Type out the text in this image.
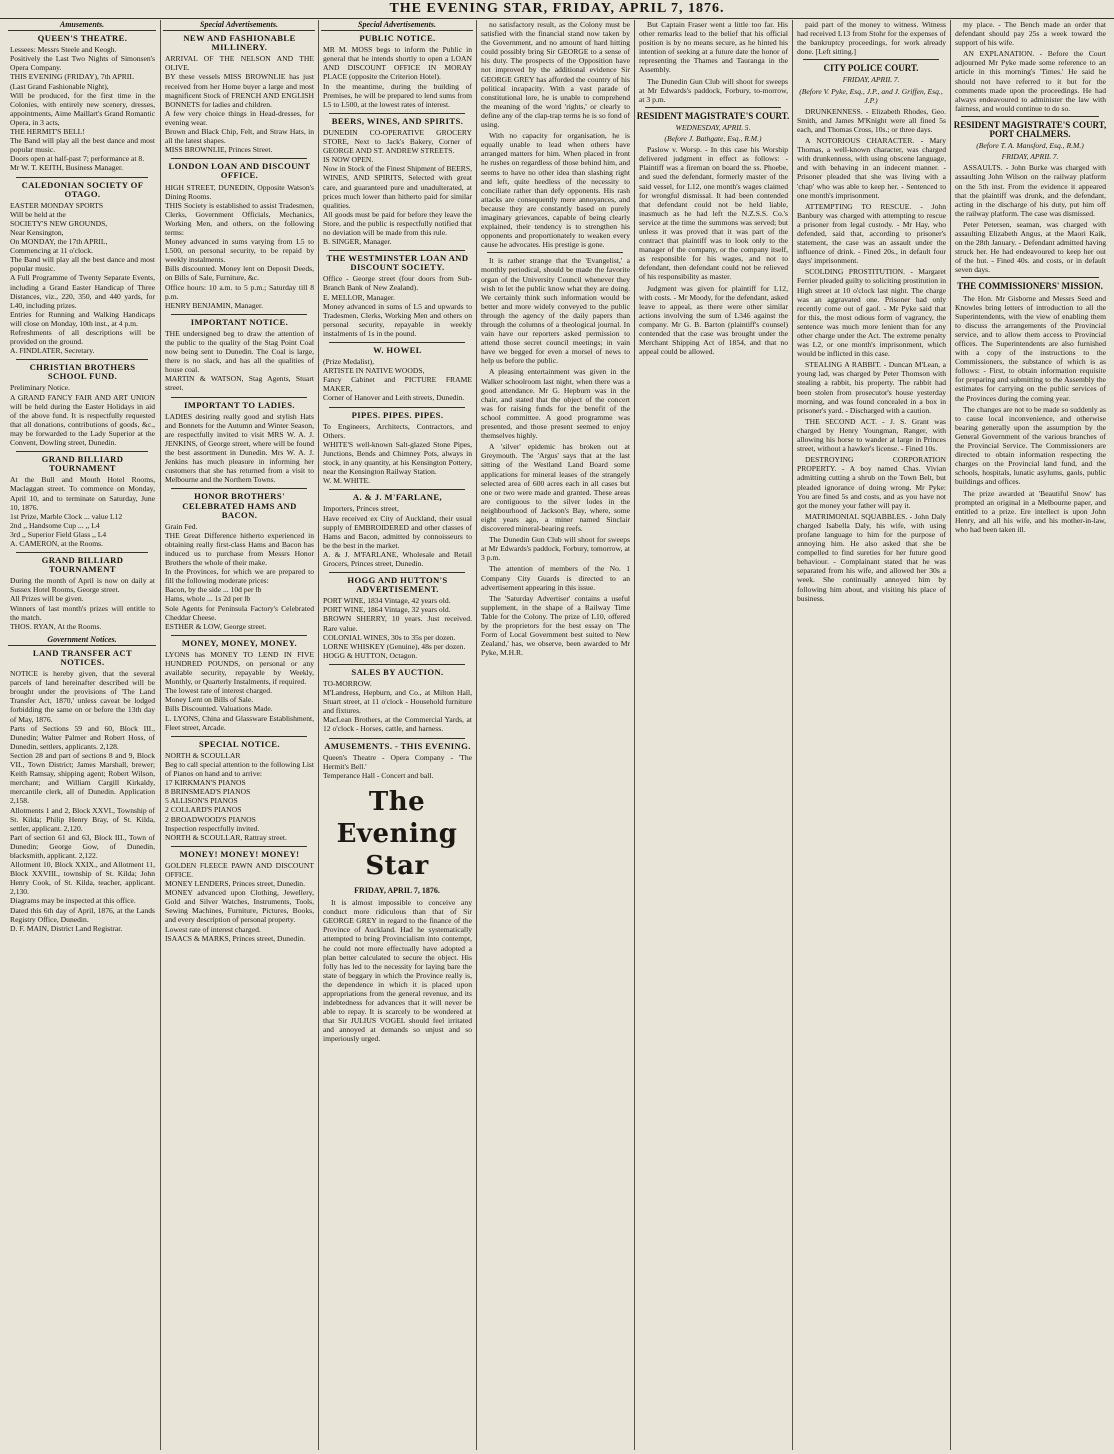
THE EVENING STAR, FRIDAY, APRIL 7, 1876.
Amusements.
QUEEN'S THEATRE.
Lessees: Messrs Steele and Keogh.
Positively the Last Two Nights of Simonsen's Opera Company.
THIS EVENING (FRIDAY), 7th APRIL
(Last Grand Fashionable Night),
Will be produced, for the first time in the Colonies, with entirely new scenery, dresses, appointments, Aime Maillart's Grand Romantic Opera, in 3 acts,
THE HERMIT'S BELL!
The Band will play all the best dance and most popular music.
Doors open at half-past 7; performance at 8.
Mr W. T. KEITH, Business Manager.
CALEDONIAN SOCIETY OF OTAGO.
EASTER MONDAY SPORTS
Will be held at the
SOCIETY'S NEW GROUNDS,
Near Kensington,
On MONDAY, the 17th APRIL,
Commencing at 11 o'clock.
The Band will play all the best dance and most popular music.
A Full Programme of Twenty Separate Events, including a Grand Easter Handicap of Three Distances, viz., 220, 350, and 440 yards, for L40, including prizes.
Entries for Running and Walking Handicaps will close on Monday, 10th inst., at 4 p.m.
Refreshments of all descriptions will be provided on the ground.
A. FINDLATER, Secretary.
CHRISTIAN BROTHERS SCHOOL FUND.
Preliminary Notice.
A GRAND FANCY FAIR AND ART UNION will be held during the Easter Holidays in aid of the above fund. It is respectfully requested that all donations, contributions of goods, &c., may be forwarded to the Lady Superior at the Convent, Dowling street, Dunedin.
GRAND BILLIARD TOURNAMENT
At the Bull and Mouth Hotel Rooms, Maclaggan street. To commence on Monday, April 10, and to terminate on Saturday, June 10, 1876.
1st Prize, Marble Clock ... value L12
2nd ,, Handsome Cup ... ,, L4
3rd ,, Superior Field Glass ,, L4
A. CAMERON, at the Rooms.
GRAND BILLIARD TOURNAMENT
During the month of April is now on daily at Sussex Hotel Rooms, George street.
All Prizes will be given.
Winners of last month's prizes will entitle to the match.
THOS. RYAN, At the Rooms.
Government Notices.
LAND TRANSFER ACT NOTICES.
NOTICE is hereby given, that the several parcels of land hereinafter described will be brought under the provisions of 'The Land Transfer Act, 1870,' unless caveat be lodged forbidding the same on or before the 13th day of May, 1876.
Parts of Sections 59 and 60, Block III., Dunedin; Walter Palmer and Robert Hoss, of Dunedin, settlers, applicants. 2,128.
Section 28 and part of sections 8 and 9, Block VII., Town District; James Marshall, brewer; Keith Ramsay, shipping agent; Robert Wilson, merchant; and William Cargill Kirkaldy, mercantile clerk, all of Dunedin. Application 2,158.
Allotments 1 and 2, Block XXVI., Township of St. Kilda; Philip Henry Bray, of St. Kilda, settler, applicant. 2,120.
Part of section 61 and 63, Block III., Town of Dunedin; George Gow, of Dunedin, blacksmith, applicant. 2,122.
Allotment 10, Block XXIX., and Allotment 11, Block XXVIII., township of St. Kilda; John Henry Cook, of St. Kilda, teacher, applicant. 2,130.
Diagrams may be inspected at this office.
Dated this 6th day of April, 1876, at the Lands Registry Office, Dunedin.
D. F. MAIN, District Land Registrar.
Special Advertisements.
NEW AND FASHIONABLE MILLINERY.
ARRIVAL OF THE NELSON AND THE OLIVE.
BY these vessels MISS BROWNLIE has just received from her Home buyer a large and most magnificent Stock of FRENCH AND ENGLISH BONNETS for ladies and children.
A few very choice things in Head-dresses, for evening wear.
Brown and Black Chip, Felt, and Straw Hats, in all the latest shapes.
MISS BROWNLIE, Princes Street.
LONDON LOAN AND DISCOUNT OFFICE.
HIGH STREET, DUNEDIN, Opposite Watson's Dining Rooms.
THIS Society is established to assist Tradesmen, Clerks, Government Officials, Mechanics, Working Men, and others, on the following terms:
Money advanced in sums varying from L5 to L500, on personal security, to be repaid by weekly instalments.
Bills discounted. Money lent on Deposit Deeds, on Bills of Sale, Furniture, &c.
Office hours: 10 a.m. to 5 p.m.; Saturday till 8 p.m.
HENRY BENJAMIN, Manager.
IMPORTANT NOTICE.
THE undersigned beg to draw the attention of the public to the quality of the Stag Point Coal now being sent to Dunedin. The Coal is large, there is no slack, and has all the qualities of house coal.
MARTIN & WATSON, Stag Agents, Stuart street.
IMPORTANT TO LADIES.
LADIES desiring really good and stylish Hats and Bonnets for the Autumn and Winter Season, are respectfully invited to visit MRS W. A. J. JENKINS, of George street, where will be found the best assortment in Dunedin. Mrs W. A. J. Jenkins has much pleasure in informing her customers that she has returned from a visit to Melbourne and the Northern Towns.
HONOR BROTHERS' CELEBRATED HAMS AND BACON.
Grain Fed.
THE Great Difference hitherto experienced in obtaining really first-class Hams and Bacon has induced us to purchase from Messrs Honor Brothers the whole of their make.
In the Provinces, for which we are prepared to fill the following moderate prices:
Bacon, by the side ... 10d per lb
Hams, whole ... 1s 2d per lb
Sole Agents for Peninsula Factory's Celebrated Cheddar Cheese.
ESTHER & LOW, George street.
MONEY, MONEY, MONEY.
LYONS has MONEY TO LEND IN FIVE HUNDRED POUNDS, on personal or any available security, repayable by Weekly, Monthly, or Quarterly Instalments, if required.
The lowest rate of interest charged.
Money Lent on Bills of Sale.
Bills Discounted. Valuations Made.
L. LYONS, China and Glassware Establishment, Fleet street, Arcade.
SPECIAL NOTICE.
NORTH & SCOULLAR
Beg to call special attention to the following List of Pianos on hand and to arrive:
17 KIRKMAN'S PIANOS
8 BRINSMEAD'S PIANOS
5 ALLISON'S PIANOS
2 COLLARD'S PIANOS
2 BROADWOOD'S PIANOS
Inspection respectfully invited.
NORTH & SCOULLAR, Rattray street.
MONEY! MONEY! MONEY!
GOLDEN FLEECE PAWN AND DISCOUNT OFFICE.
MONEY LENDERS, Princes street, Dunedin.
MONEY advanced upon Clothing, Jewellery, Gold and Silver Watches, Instruments, Tools, Sewing Machines, Furniture, Pictures, Books, and every description of personal property.
Lowest rate of interest charged.
ISAACS & MARKS, Princes street, Dunedin.
Special Advertisements.
PUBLIC NOTICE.
MR M. MOSS begs to inform the Public in general that he intends shortly to open a LOAN AND DISCOUNT OFFICE IN MORAY PLACE (opposite the Criterion Hotel).
In the meantime, during the building of Premises, he will be prepared to lend sums from L5 to L500, at the lowest rates of interest.
BEERS, WINES, AND SPIRITS.
DUNEDIN CO-OPERATIVE GROCERY STORE, Next to Jack's Bakery, Corner of GEORGE AND ST. ANDREW STREETS.
IS NOW OPEN.
Now in Stock of the Finest Shipment of BEERS, WINES, AND SPIRITS, Selected with great care, and guaranteed pure and unadulterated, at prices much lower than hitherto paid for similar qualities.
All goods must be paid for before they leave the Store, and the public is respectfully notified that no deviation will be made from this rule.
B. SINGER, Manager.
THE WESTMINSTER LOAN AND DISCOUNT SOCIETY.
Office - George street (four doors from Sub-Branch Bank of New Zealand).
E. MELLOR, Manager.
Money advanced in sums of L5 and upwards to Tradesmen, Clerks, Working Men and others on personal security, repayable in weekly instalments of 1s in the pound.
W. HOWEL
(Prize Medalist),
ARTISTE IN NATIVE WOODS,
Fancy Cabinet and PICTURE FRAME MAKER,
Corner of Hanover and Leith streets, Dunedin.
PIPES. PIPES. PIPES.
To Engineers, Architects, Contractors, and Others.
WHITE'S well-known Salt-glazed Stone Pipes, Junctions, Bends and Chimney Pots, always in stock, in any quantity, at his Kensington Pottery, near the Kensington Railway Station.
W. M. WHITE.
A. & J. M'FARLANE,
Importers, Princes street,
Have received ex City of Auckland, their usual supply of EMBROIDERED and other classes of Hams and Bacon, admitted by connoisseurs to be the best in the market.
A. & J. M'FARLANE, Wholesale and Retail Grocers, Princes street, Dunedin.
HOGG AND HUTTON'S ADVERTISEMENT.
PORT WINE, 1834 Vintage, 42 years old.
PORT WINE, 1864 Vintage, 32 years old.
BROWN SHERRY, 10 years. Just received. Rare value.
COLONIAL WINES, 30s to 35s per dozen.
LORNE WHISKEY (Genuine), 48s per dozen.
HOGG & HUTTON, Octagon.
SALES BY AUCTION.
TO-MORROW.
M'Landress, Hepburn, and Co., at Milton Hall, Stuart street, at 11 o'clock - Household furniture and fixtures.
MacLean Brothers, at the Commercial Yards, at 12 o'clock - Horses, cattle, and harness.
AMUSEMENTS. - THIS EVENING.
Queen's Theatre - Opera Company - 'The Hermit's Bell.'
Temperance Hall - Concert and ball.
The Evening Star
FRIDAY, APRIL 7, 1876.
It is almost impossible to conceive any conduct more ridiculous than that of Sir GEORGE GREY in regard to the finance of the Province of Auckland. Had he systematically attempted to bring Provincialism into contempt, he could not more effectually have adopted a plan better calculated to secure the object. His folly has led to the necessity for laying bare the state of beggary in which the Province really is, the dependence in which it is placed upon appropriations from the general revenue, and its indebtedness for advances that it will never be able to repay. It is scarcely to be wondered at that Sir JULIUS VOGEL should feel irritated and annoyed at demands so unjust and so imperiously urged.
no satisfactory result, as the Colony must be satisfied with the financial stand now taken by the Government, and no amount of hard hitting could possibly bring Sir GEORGE to a sense of his duty. The prospects of the Opposition have not improved by the additional evidence Sir GEORGE GREY has afforded the country of his political incapacity. With a vast parade of constitutional lore, he is unable to comprehend the meaning of the word 'rights,' or clearly to define any of the clap-trap terms he is so fond of using.
With no capacity for organisation, he is equally unable to lead when others have arranged matters for him. When placed in front he rushes on regardless of those behind him, and seems to have no other idea than slashing right and left, quite heedless of the necessity to conciliate rather than defy opponents. His rash attacks are consequently mere annoyances, and because they are constantly based on purely imaginary grievances, capable of being clearly explained, their tendency is to strengthen his opponents and proportionately to weaken every cause he advocates. His prestige is gone.
It is rather strange that the 'Evangelist,' a monthly periodical, should be made the favorite organ of the University Council whenever they wish to let the public know what they are doing. We certainly think such information would be better and more widely conveyed to the public through the agency of the daily papers than through the columns of a theological journal. In vain have our reporters asked permission to attend those secret council meetings; in vain have we begged for even a morsel of news to help us before the public.
A pleasing entertainment was given in the Walker schoolroom last night, when there was a good attendance. Mr G. Hepburn was in the chair, and stated that the object of the concert was for raising funds for the benefit of the school committee. A good programme was presented, and those present seemed to enjoy themselves highly.
A 'silver' epidemic has broken out at Greymouth. The 'Argus' says that at the last sitting of the Westland Land Board some applications for mineral leases of the strangely selected area of 600 acres each in all cases but one or two were made and granted. These areas are contiguous to the silver lodes in the neighbourhood of Jackson's Bay, where, some eight years ago, a miner named Sinclair discovered mineral-bearing reefs.
The Dunedin Gun Club will shoot for sweeps at Mr Edwards's paddock, Forbury, tomorrow, at 3 p.m.
The attention of members of the No. 1 Company City Guards is directed to an advertisement appearing in this issue.
The 'Saturday Advertiser' contains a useful supplement, in the shape of a Railway Time Table for the Colony. The prize of L10, offered by the proprietors for the best essay on 'The Form of Local Government best suited to New Zealand,' has, we observe, been awarded to Mr Pyke, M.H.R.
But Captain Fraser went a little too far. His other remarks lead to the belief that his official position is by no means secure, as he hinted his intention of seeking at a future date the honor of representing the Thames and Tauranga in the Assembly.
The Dunedin Gun Club will shoot for sweeps at Mr Edwards's paddock, Forbury, to-morrow, at 3 p.m.
RESIDENT MAGISTRATE'S COURT.
WEDNESDAY, APRIL 5.
(Before J. Bathgate, Esq., R.M.)
Paslow v. Worsp. - In this case his Worship delivered judgment in effect as follows: - Plaintiff was a fireman on board the ss. Phoebe, and sued the defendant, formerly master of the said vessel, for L12, one month's wages claimed for wrongful dismissal. It had been contended that defendant could not be held liable, inasmuch as he had left the N.Z.S.S. Co.'s service at the time the summons was served; but unless it was proved that it was part of the contract that plaintiff was to look only to the manager of the company, or the company itself, as responsible for his wages, and not to defendant, then defendant could not be relieved of his responsibility as master.
Judgment was given for plaintiff for L12, with costs. - Mr Moody, for the defendant, asked leave to appeal, as there were other similar actions involving the sum of L346 against the company. Mr G. B. Barton (plaintiff's counsel) contended that the case was brought under the Merchant Shipping Act of 1854, and that no appeal could be allowed.
paid part of the money to witness. Witness had received L13 from Stohr for the expenses of the bankruptcy proceedings, for work already done. [Left sitting.]
CITY POLICE COURT.
FRIDAY, APRIL 7.
(Before V. Pyke, Esq., J.P., and J. Griffen, Esq., J.P.)
DRUNKENNESS. - Elizabeth Rhodes, Geo. Smith, and James M'Knight were all fined 5s each, and Thomas Cross, 10s.; or three days.
A NOTORIOUS CHARACTER. - Mary Thomas, a well-known character, was charged with drunkenness, with using obscene language, and with behaving in an indecent manner. - Prisoner pleaded that she was living with a 'chap' who was able to keep her. - Sentenced to one month's imprisonment.
ATTEMPTING TO RESCUE. - John Banbury was charged with attempting to rescue a prisoner from legal custody. - Mr Hay, who defended, said that, according to prisoner's statement, the case was an assault under the influence of drink. - Fined 20s., in default four days' imprisonment.
SCOLDING PROSTITUTION. - Margaret Ferrier pleaded guilty to soliciting prostitution in High street at 10 o'clock last night. The charge was an aggravated one. Prisoner had only recently come out of gaol. - Mr Pyke said that for this, the most odious form of vagrancy, the sentence was much more lenient than for any other charge under the Act. The extreme penalty was L2, or one month's imprisonment, which would be inflicted in this case.
STEALING A RABBIT. - Duncan M'Lean, a young lad, was charged by Peter Thomson with stealing a rabbit, his property. The rabbit had been stolen from prosecutor's house yesterday morning, and was found concealed in a box in prisoner's yard. - Discharged with a caution.
THE SECOND ACT. - J. S. Grant was charged by Henry Youngman, Ranger, with allowing his horse to wander at large in Princes street, without a hawker's license. - Fined 10s.
DESTROYING CORPORATION PROPERTY. - A boy named Chas. Vivian admitting cutting a shrub on the Town Belt, but pleaded ignorance of doing wrong. Mr Pyke: You are fined 5s and costs, and as you have not got the money your father will pay it.
MATRIMONIAL SQUABBLES. - John Daly charged Isabella Daly, his wife, with using profane language to him for the purpose of annoying him. He also asked that she be compelled to find sureties for her future good behaviour. - Complainant stated that he was separated from his wife, and allowed her 30s a week. She continually annoyed him by following him about, and visiting his place of business.
my place. - The Bench made an order that defendant should pay 25s a week toward the support of his wife.
AN EXPLANATION. - Before the Court adjourned Mr Pyke made some reference to an article in this morning's 'Times.' He said he should not have referred to it but for the comments made upon the proceedings. He had always endeavoured to administer the law with fairness, and would continue to do so.
RESIDENT MAGISTRATE'S COURT, PORT CHALMERS.
(Before T. A. Mansford, Esq., R.M.)
FRIDAY, APRIL 7.
ASSAULTS. - John Burke was charged with assaulting John Wilson on the railway platform on the 5th inst. From the evidence it appeared that the plaintiff was drunk, and the defendant, acting in the discharge of his duty, put him off the railway platform. The case was dismissed.
Peter Petersen, seaman, was charged with assaulting Elizabeth Angus, at the Maori Kaik, on the 28th January. - Defendant admitted having struck her. He had endeavoured to keep her out of the hut. - Fined 40s. and costs, or in default seven days.
THE COMMISSIONERS' MISSION.
The Hon. Mr Gisborne and Messrs Seed and Knowles bring letters of introduction to all the Superintendents, with the view of enabling them to discuss the arrangements of the Provincial service, and to allow them access to Provincial offices. The Superintendents are also furnished with a copy of the instructions to the Commissioners, the substance of which is as follows: - First, to obtain information requisite for preparing and submitting to the Assembly the estimates for carrying on the public services of the Provinces during the coming year.
The changes are not to be made so suddenly as to cause local inconvenience, and otherwise bearing generally upon the assumption by the General Government of the various branches of the Provincial Service. The Commissioners are directed to obtain information respecting the charges on the Provincial land fund, and the schools, hospitals, lunatic asylums, gaols, public buildings and offices.
The prize awarded at 'Beautiful Snow' has prompted an original in a Melbourne paper, and entitled to a prize. Ere intellect is upon John Henry, and all his wife, and his mother-in-law, who had been taken ill.
